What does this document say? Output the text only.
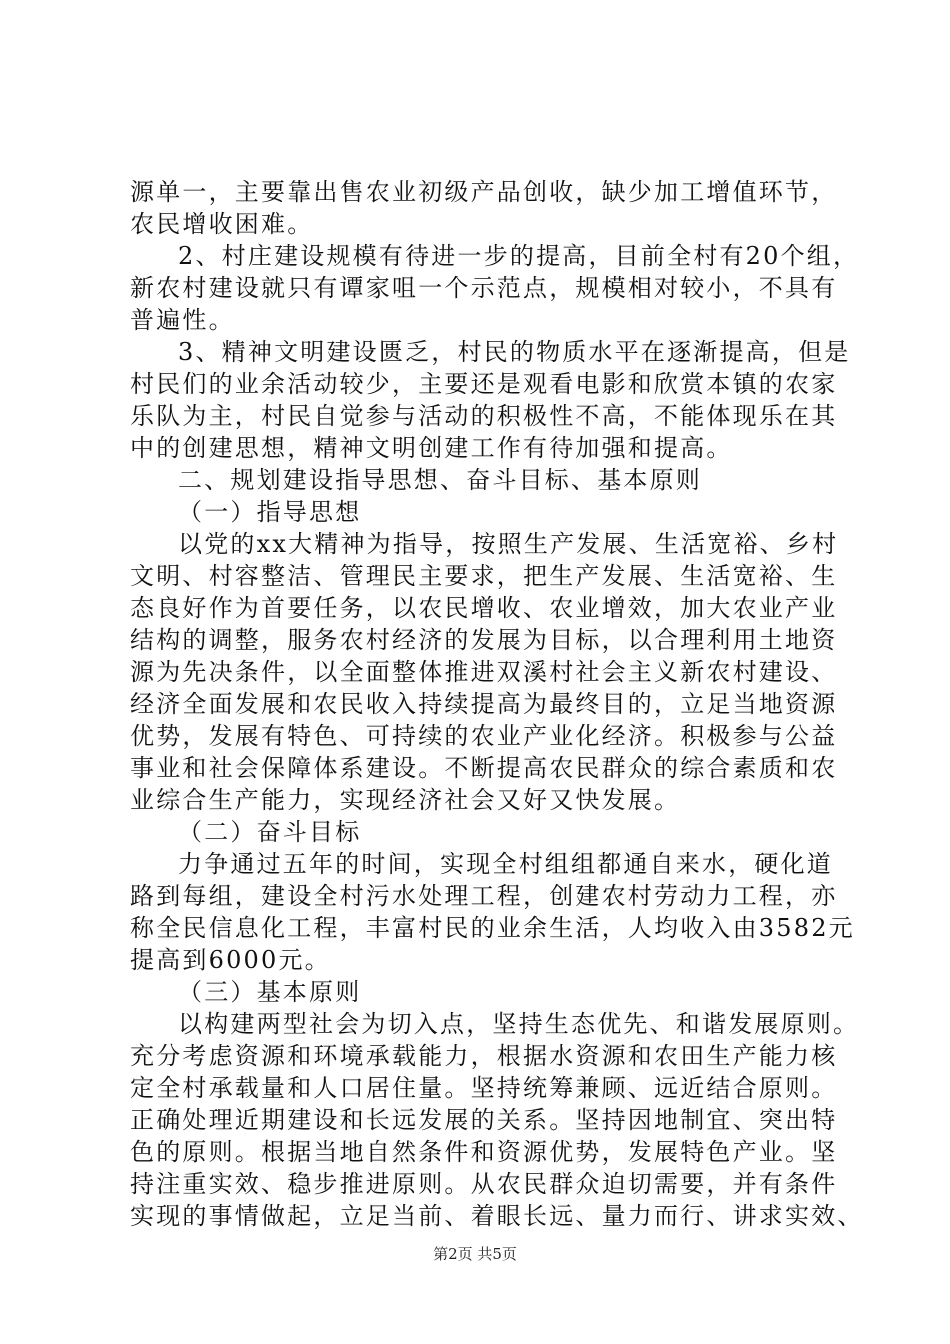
源单一，主要靠出售农业初级产品创收，缺少加工增值环节，
农民增收困难。
2、村庄建设规模有待进一步的提高，目前全村有20个组，
新农村建设就只有谭家咀一个示范点，规模相对较小，不具有
普遍性。
3、精神文明建设匮乏，村民的物质水平在逐渐提高，但是
村民们的业余活动较少，主要还是观看电影和欣赏本镇的农家
乐队为主，村民自觉参与活动的积极性不高，不能体现乐在其
中的创建思想，精神文明创建工作有待加强和提高。
二、规划建设指导思想、奋斗目标、基本原则
（一）指导思想
以党的xx大精神为指导，按照生产发展、生活宽裕、乡村
文明、村容整洁、管理民主要求，把生产发展、生活宽裕、生
态良好作为首要任务，以农民增收、农业增效，加大农业产业
结构的调整，服务农村经济的发展为目标，以合理利用土地资
源为先决条件，以全面整体推进双溪村社会主义新农村建设、
经济全面发展和农民收入持续提高为最终目的，立足当地资源
优势，发展有特色、可持续的农业产业化经济。积极参与公益
事业和社会保障体系建设。不断提高农民群众的综合素质和农
业综合生产能力，实现经济社会又好又快发展。
（二）奋斗目标
力争通过五年的时间，实现全村组组都通自来水，硬化道
路到每组，建设全村污水处理工程，创建农村劳动力工程，亦
称全民信息化工程，丰富村民的业余生活，人均收入由3582元
提高到6000元。
（三）基本原则
以构建两型社会为切入点，坚持生态优先、和谐发展原则。
充分考虑资源和环境承载能力，根据水资源和农田生产能力核
定全村承载量和人口居住量。坚持统筹兼顾、远近结合原则。
正确处理近期建设和长远发展的关系。坚持因地制宜、突出特
色的原则。根据当地自然条件和资源优势，发展特色产业。坚
持注重实效、稳步推进原则。从农民群众迫切需要，并有条件
实现的事情做起，立足当前、着眼长远、量力而行、讲求实效、
第2页 共5页
